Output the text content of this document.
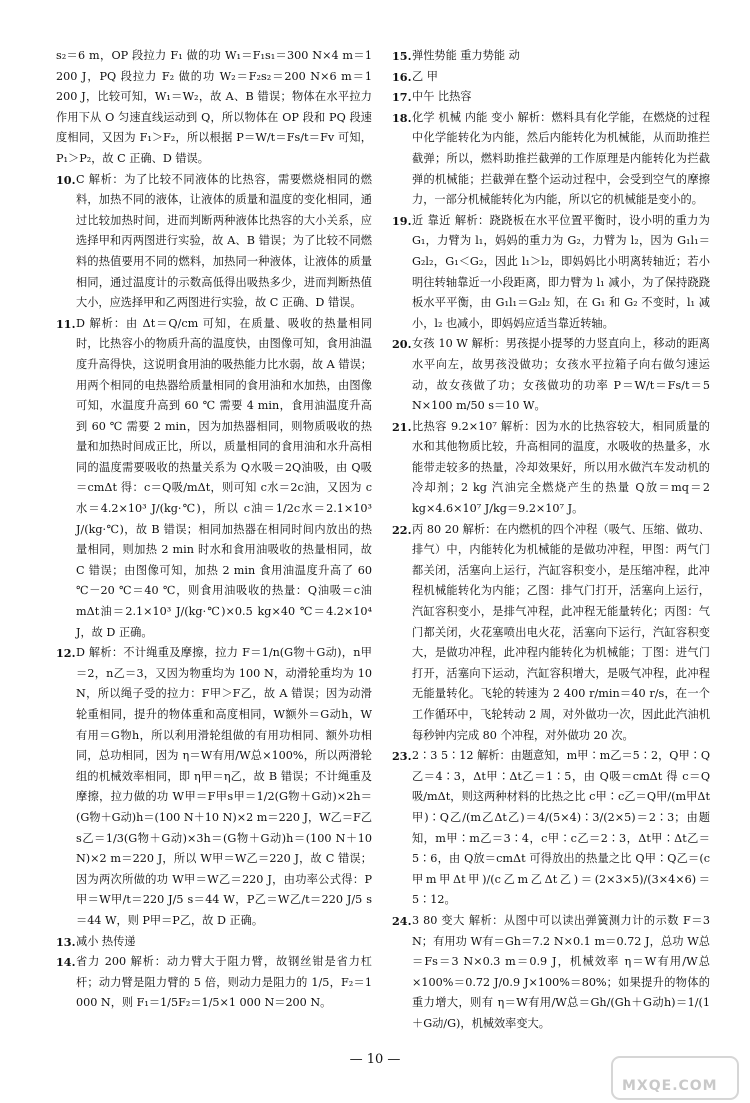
s₂＝6 m，OP 段拉力 F₁ 做的功 W₁＝F₁s₁＝300 N×4 m＝1 200 J，PQ 段拉力 F₂ 做的功 W₂＝F₂s₂＝200 N×6 m＝1 200 J，比较可知，W₁＝W₂，故 A、B 错误；物体在水平拉力作用下从 O 匀速直线运动到 Q，所以物体在 OP 段和 PQ 段速度相同，又因为 F₁＞F₂，所以根据 P＝W/t＝Fs/t＝Fv 可知，P₁＞P₂，故 C 正确、D 错误。

10. C 解析：为了比较不同液体的比热容，需要燃烧相同的燃料，加热不同的液体，让液体的质量和温度的变化相同，通过比较加热时间，进而判断两种液体比热容的大小关系，应选择甲和丙两图进行实验，故 A、B 错误；为了比较不同燃料的热值要用不同的燃料，加热同一种液体，让液体的质量相同，通过温度计的示数高低得出吸热多少，进而判断热值大小，应选择甲和乙两图进行实验，故 C 正确、D 错误。

11. D 解析：由 Δt＝Q/cm 可知，在质量、吸收的热量相同时，比热容小的物质升高的温度快，由图像可知，食用油温度升高得快，这说明食用油的吸热能力比水弱，故 A 错误；用两个相同的电热器给质量相同的食用油和水加热，由图像可知，水温度升高到 60 ℃ 需要 4 min，食用油温度升高到 60 ℃ 需要 2 min，因为加热器相同，则物质吸收的热量和加热时间成正比，所以，质量相同的食用油和水升高相同的温度需要吸收的热量关系为 Q水吸＝2Q油吸，由 Q吸＝cmΔt 得：c＝Q吸/mΔt，则可知 c水＝2c油，又因为 c水＝4.2×10³ J/(kg·℃)，所以 c油＝1/2c水＝2.1×10³ J/(kg·℃)，故 B 错误；相同加热器在相同时间内放出的热量相同，则加热 2 min 时水和食用油吸收的热量相同，故 C 错误；由图像可知，加热 2 min 食用油温度升高了 60 ℃－20 ℃＝40 ℃，则食用油吸收的热量：Q油吸＝c油mΔt油＝2.1×10³ J/(kg·℃)×0.5 kg×40 ℃＝4.2×10⁴ J，故 D 正确。

12. D 解析：不计绳重及摩擦，拉力 F＝1/n(G物＋G动)，n甲＝2，n乙＝3，又因为物重均为 100 N，动滑轮重均为 10 N，所以绳子受的拉力：F甲＞F乙，故 A 错误；因为动滑轮重相同，提升的物体重和高度相同，W额外＝G动h，W有用＝G物h，所以利用滑轮组做的有用功相同、额外功相同，总功相同，因为 η＝W有用/W总×100%，所以两滑轮组的机械效率相同，即 η甲＝η乙，故 B 错误；不计绳重及摩擦，拉力做的功 W甲＝F甲s甲＝1/2(G物＋G动)×2h＝(G物＋G动)h＝(100 N＋10 N)×2 m＝220 J，W乙＝F乙s乙＝1/3(G物＋G动)×3h＝(G物＋G动)h＝(100 N＋10 N)×2 m＝220 J，所以 W甲＝W乙＝220 J，故 C 错误；因为两次所做的功 W甲＝W乙＝220 J，由功率公式得：P甲＝W甲/t＝220 J/5 s＝44 W，P乙＝W乙/t＝220 J/5 s＝44 W，则 P甲＝P乙，故 D 正确。

13. 减小 热传递

14. 省力 200 解析：动力臂大于阻力臂，故钢丝钳是省力杠杆；动力臂是阻力臂的 5 倍，则动力是阻力的 1/5，F₂＝1 000 N，则 F₁＝1/5F₂＝1/5×1 000 N＝200 N。

15. 弹性势能 重力势能 动

16. 乙 甲

17. 中午 比热容

18. 化学 机械 内能 变小 解析：燃料具有化学能，在燃烧的过程中化学能转化为内能，然后内能转化为机械能，从而助推拦截弹；所以，燃料助推拦截弹的工作原理是内能转化为拦截弹的机械能；拦截弹在整个运动过程中，会受到空气的摩擦力，一部分机械能转化为内能，所以它的机械能是变小的。

19. 近 靠近 解析：跷跷板在水平位置平衡时，设小明的重力为 G₁，力臂为 l₁，妈妈的重力为 G₂，力臂为 l₂，因为 G₁l₁＝G₂l₂，G₁＜G₂，因此 l₁＞l₂，即妈妈比小明离转轴近；若小明往转轴靠近一小段距离，即力臂为 l₁ 减小，为了保持跷跷板水平平衡，由 G₁l₁＝G₂l₂ 知，在 G₁ 和 G₂ 不变时，l₁ 减小，l₂ 也减小，即妈妈应适当靠近转轴。

20. 女孩 10 W 解析：男孩提小提琴的力竖直向上，移动的距离水平向左，故男孩没做功；女孩水平拉箱子向右做匀速运动，故女孩做了功；女孩做功的功率 P＝W/t＝Fs/t＝5 N×100 m/50 s＝10 W。

21. 比热容 9.2×10⁷ 解析：因为水的比热容较大，相同质量的水和其他物质比较，升高相同的温度，水吸收的热量多，水能带走较多的热量，冷却效果好，所以用水做汽车发动机的冷却剂；2 kg 汽油完全燃烧产生的热量 Q放＝mq＝2 kg×4.6×10⁷ J/kg＝9.2×10⁷ J。

22. 丙 80 20 解析：在内燃机的四个冲程（吸气、压缩、做功、排气）中，内能转化为机械能的是做功冲程，甲图：两气门都关闭，活塞向上运行，汽缸容积变小，是压缩冲程，此冲程机械能转化为内能；乙图：排气门打开，活塞向上运行，汽缸容积变小，是排气冲程，此冲程无能量转化；丙图：气门都关闭，火花塞喷出电火花，活塞向下运行，汽缸容积变大，是做功冲程，此冲程内能转化为机械能；丁图：进气门打开，活塞向下运动，汽缸容积增大，是吸气冲程，此冲程无能量转化。飞轮的转速为 2 400 r/min＝40 r/s，在一个工作循环中，飞轮转动 2 周，对外做功一次，因此此汽油机每秒钟内完成 80 个冲程，对外做功 20 次。

23. 2∶3 5∶12 解析：由题意知，m甲∶m乙＝5∶2，Q甲∶Q乙＝4∶3，Δt甲∶Δt乙＝1∶5，由 Q吸＝cmΔt 得 c＝Q吸/mΔt，则这两种材料的比热之比 c甲∶c乙＝Q甲/(m甲Δt甲)∶Q乙/(m乙Δt乙)＝4/(5×4)∶3/(2×5)＝2∶3；由题知，m甲∶m乙＝3∶4，c甲∶c乙＝2∶3，Δt甲∶Δt乙＝5∶6，由 Q放＝cmΔt 可得放出的热量之比 Q甲∶Q乙＝(c甲m甲Δt甲)/(c乙m乙Δt乙)＝(2×3×5)/(3×4×6)＝5∶12。

24. 3 80 变大 解析：从图中可以读出弹簧测力计的示数 F＝3 N；有用功 W有＝Gh＝7.2 N×0.1 m＝0.72 J，总功 W总＝Fs＝3 N×0.3 m＝0.9 J，机械效率 η＝W有用/W总×100%＝0.72 J/0.9 J×100%＝80%；如果提升的物体的重力增大，则有 η＝W有用/W总＝Gh/(Gh＋G动h)＝1/(1＋G动/G)，机械效率变大。

— 10 —
MXQE.COM
